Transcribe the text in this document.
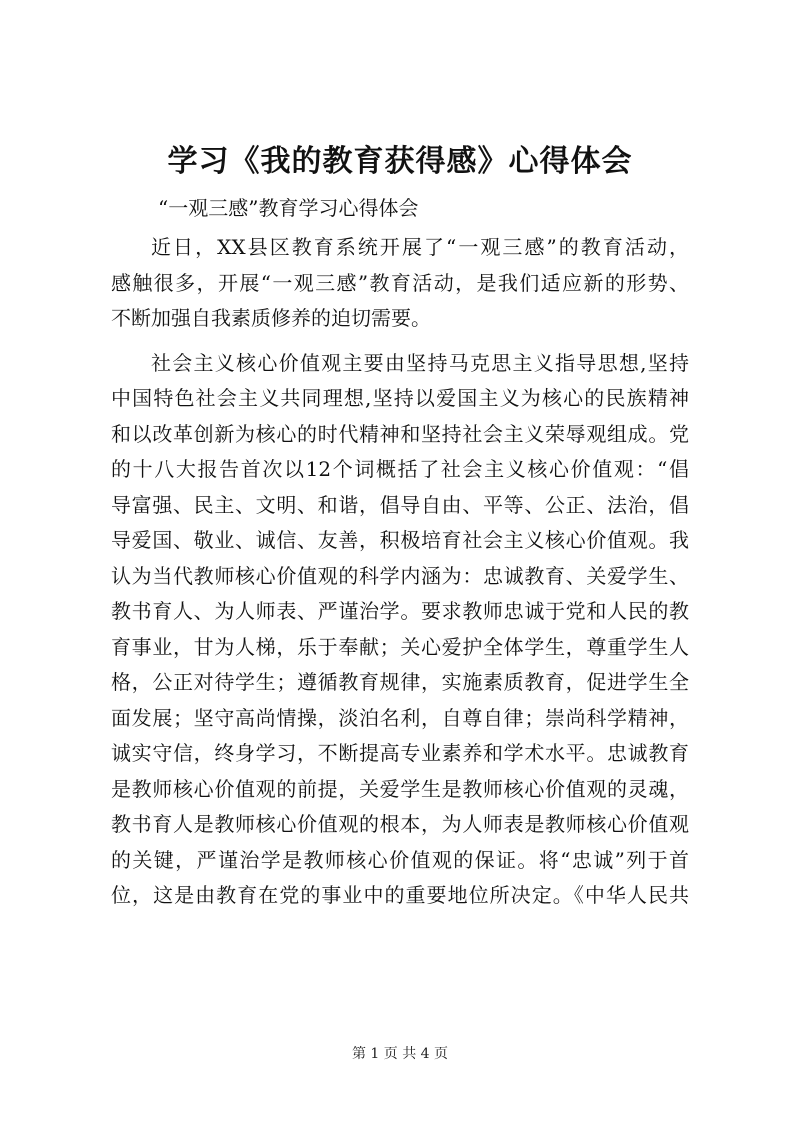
学习《我的教育获得感》心得体会
“一观三感”教育学习心得体会
近日，XX县区教育系统开展了“一观三感”的教育活动，
感触很多，开展“一观三感”教育活动，是我们适应新的形势、
不断加强自我素质修养的迫切需要。
社会主义核心价值观主要由坚持马克思主义指导思想,坚持
中国特色社会主义共同理想,坚持以爱国主义为核心的民族精神
和以改革创新为核心的时代精神和坚持社会主义荣辱观组成。党
的十八大报告首次以12个词概括了社会主义核心价值观：“倡
导富强、民主、文明、和谐，倡导自由、平等、公正、法治，倡
导爱国、敬业、诚信、友善，积极培育社会主义核心价值观。我
认为当代教师核心价值观的科学内涵为：忠诚教育、关爱学生、
教书育人、为人师表、严谨治学。要求教师忠诚于党和人民的教
育事业，甘为人梯，乐于奉献；关心爱护全体学生，尊重学生人
格，公正对待学生；遵循教育规律，实施素质教育，促进学生全
面发展；坚守高尚情操，淡泊名利，自尊自律；崇尚科学精神，
诚实守信，终身学习，不断提高专业素养和学术水平。忠诚教育
是教师核心价值观的前提，关爱学生是教师核心价值观的灵魂，
教书育人是教师核心价值观的根本，为人师表是教师核心价值观
的关键，严谨治学是教师核心价值观的保证。将“忠诚”列于首
位，这是由教育在党的事业中的重要地位所决定。《中华人民共
第 1 页 共 4 页
